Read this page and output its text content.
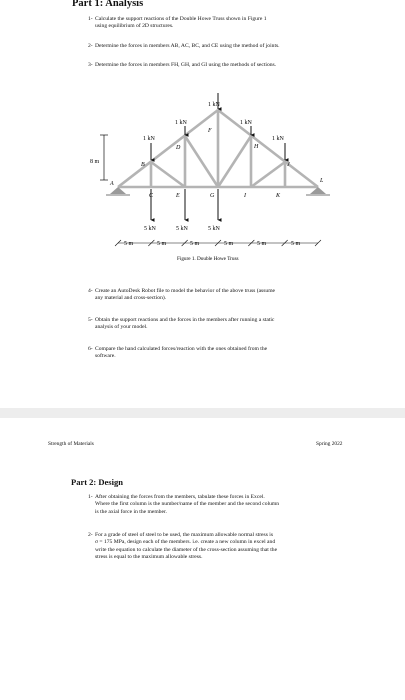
Part 1: Analysis
1- Calculate the support reactions of the Double Howe Truss shown in Figure 1
using equilibrium of 2D structures.
2- Determine the forces in members AB, AC, BC, and CE using the method of joints.
3- Determine the forces in members FH, GH, and GI using the methods of sections.
8 m
1 kN
1 kN	1 kN
1 kN	1 kN
A
B
C
D
E
F
G
H
I
J
K
L
5 kN	5 kN	5 kN
5 m	5 m	5 m	5 m	5 m	5 m
Figure 1. Double Howe Truss
4- Create an AutoDesk Robot file to model the behavior of the above truss (assume
any material and cross-section).
5- Obtain the support reactions and the forces in the members after running a static
analysis of your model.
6- Compare the hand calculated forces/reaction with the ones obtained from the
software.
Strength of Materials	Spring 2022
Part 2: Design
1- After obtaining the forces from the members, tabulate these forces in Excel.
Where the first column is the number/name of the member and the second column
is the axial force in the member.
2- For a grade of steel of steel to be used, the maximum allowable normal stress is
σ = 175 MPa, design each of the members. i.e. create a new column in excel and
write the equation to calculate the diameter of the cross-section assuming that the
stress is equal to the maximum allowable stress.
